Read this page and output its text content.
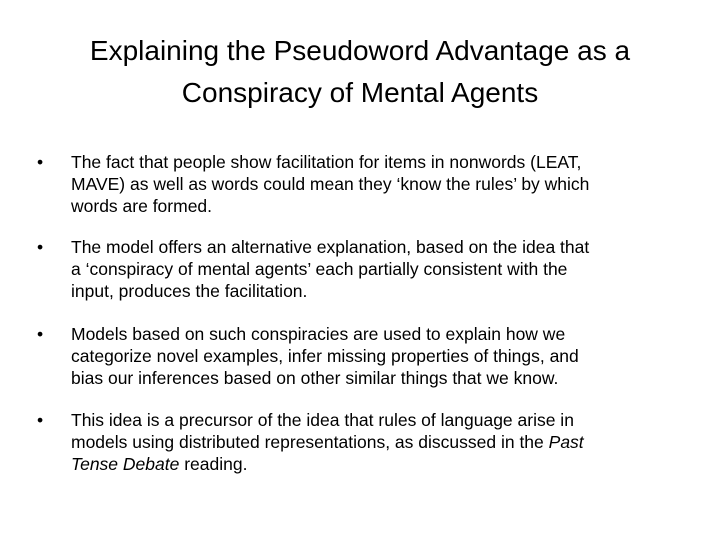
Explaining the Pseudoword Advantage as a
Conspiracy of Mental Agents
•	The fact that people show facilitation for items in nonwords (LEAT,
MAVE) as well as words could mean they ‘know the rules’ by which
words are formed.
•	The model offers an alternative explanation, based on the idea that
a ‘conspiracy of mental agents’ each partially consistent with the
input, produces the facilitation.
•	Models based on such conspiracies are used to explain how we
categorize novel examples, infer missing properties of things, and
bias our inferences based on other similar things that we know.
•	This idea is a precursor of the idea that rules of language arise in
models using distributed representations, as discussed in the Past
Tense Debate reading.
